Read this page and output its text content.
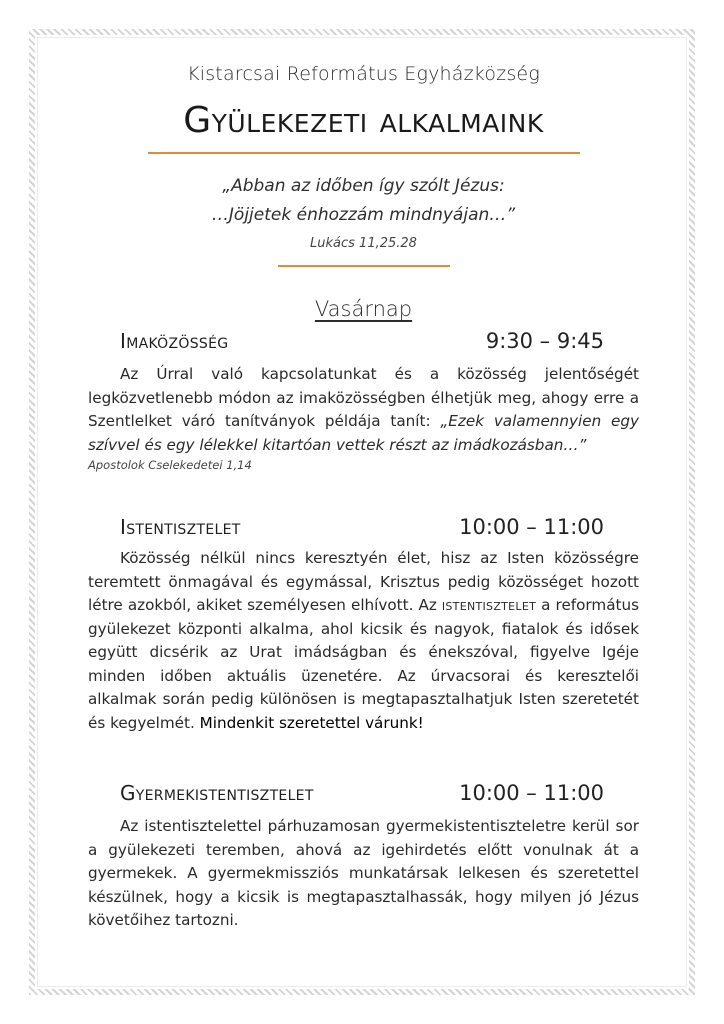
Kistarcsai Református Egyházközség

Gyülekezeti alkalmaink

„Abban az időben így szólt Jézus:
…Jöjjetek énhozzám mindnyájan…”

Lukács 11,25.28

Vasárnap

Imaközösség	9:30 – 9:45

Az Úrral való kapcsolatunkat és a közösség jelentőségét legközvetlenebb módon az imaközösségben élhetjük meg, ahogy erre a Szentlelket váró tanítványok példája tanít: „Ezek valamennyien egy szívvel és egy lélekkel kitartóan vettek részt az imádkozásban…”

Apostolok Cselekedetei 1,14
Istentisztelet	10:00 – 11:00

Közösség nélkül nincs keresztyén élet, hisz az Isten közösségre teremtett önmagával és egymással, Krisztus pedig közösséget hozott létre azokból, akiket személyesen elhívott. Az istentisztelet a református gyülekezet központi alkalma, ahol kicsik és nagyok, fiatalok és idősek együtt dicsérik az Urat imádságban és énekszóval, figyelve Igéje minden időben aktuális üzenetére. Az úrvacsorai és keresztelői alkalmak során pedig különösen is megtapasztalhatjuk Isten szeretetét és kegyelmét. Mindenkit szeretettel várunk!

Gyermekistentisztelet	10:00 – 11:00

Az istentisztelettel párhuzamosan gyermekistentiszteletre kerül sor a gyülekezeti teremben, ahová az igehirdetés előtt vonulnak át a gyermekek. A gyermekmissziós munkatársak lelkesen és szeretettel készülnek, hogy a kicsik is megtapasztalhassák, hogy milyen jó Jézus követőihez tartozni.
